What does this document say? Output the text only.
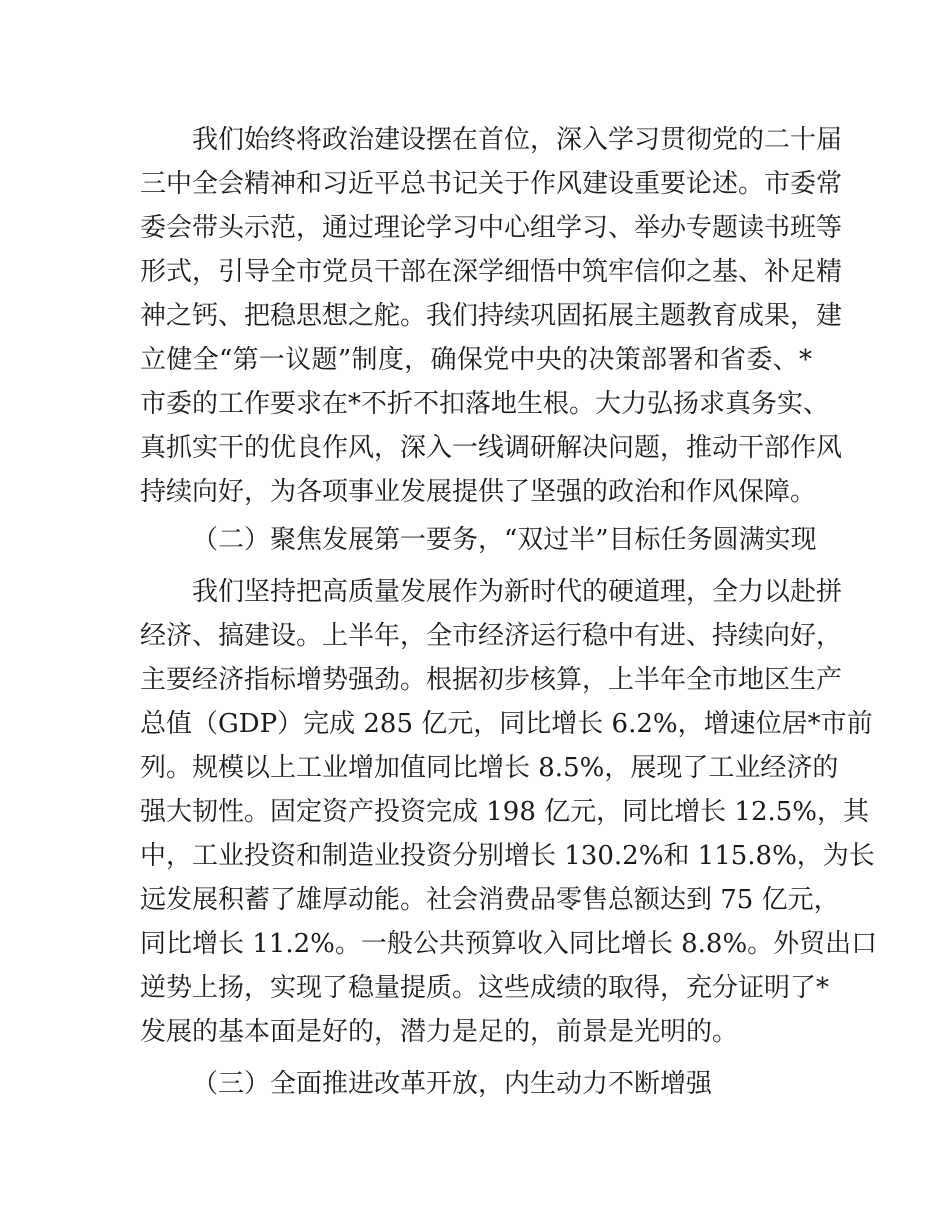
我们始终将政治建设摆在首位，深入学习贯彻党的二十届
三中全会精神和习近平总书记关于作风建设重要论述。市委常
委会带头示范，通过理论学习中心组学习、举办专题读书班等
形式，引导全市党员干部在深学细悟中筑牢信仰之基、补足精
神之钙、把稳思想之舵。我们持续巩固拓展主题教育成果，建
立健全“第一议题”制度，确保党中央的决策部署和省委、*
市委的工作要求在*不折不扣落地生根。大力弘扬求真务实、
真抓实干的优良作风，深入一线调研解决问题，推动干部作风
持续向好，为各项事业发展提供了坚强的政治和作风保障。
（二）聚焦发展第一要务，“双过半”目标任务圆满实现
我们坚持把高质量发展作为新时代的硬道理，全力以赴拼
经济、搞建设。上半年，全市经济运行稳中有进、持续向好，
主要经济指标增势强劲。根据初步核算，上半年全市地区生产
总值（GDP）完成 285 亿元，同比增长 6.2%，增速位居*市前
列。规模以上工业增加值同比增长 8.5%，展现了工业经济的
强大韧性。固定资产投资完成 198 亿元，同比增长 12.5%，其
中，工业投资和制造业投资分别增长 130.2%和 115.8%，为长
远发展积蓄了雄厚动能。社会消费品零售总额达到 75 亿元，
同比增长 11.2%。一般公共预算收入同比增长 8.8%。外贸出口
逆势上扬，实现了稳量提质。这些成绩的取得，充分证明了*
发展的基本面是好的，潜力是足的，前景是光明的。
（三）全面推进改革开放，内生动力不断增强
